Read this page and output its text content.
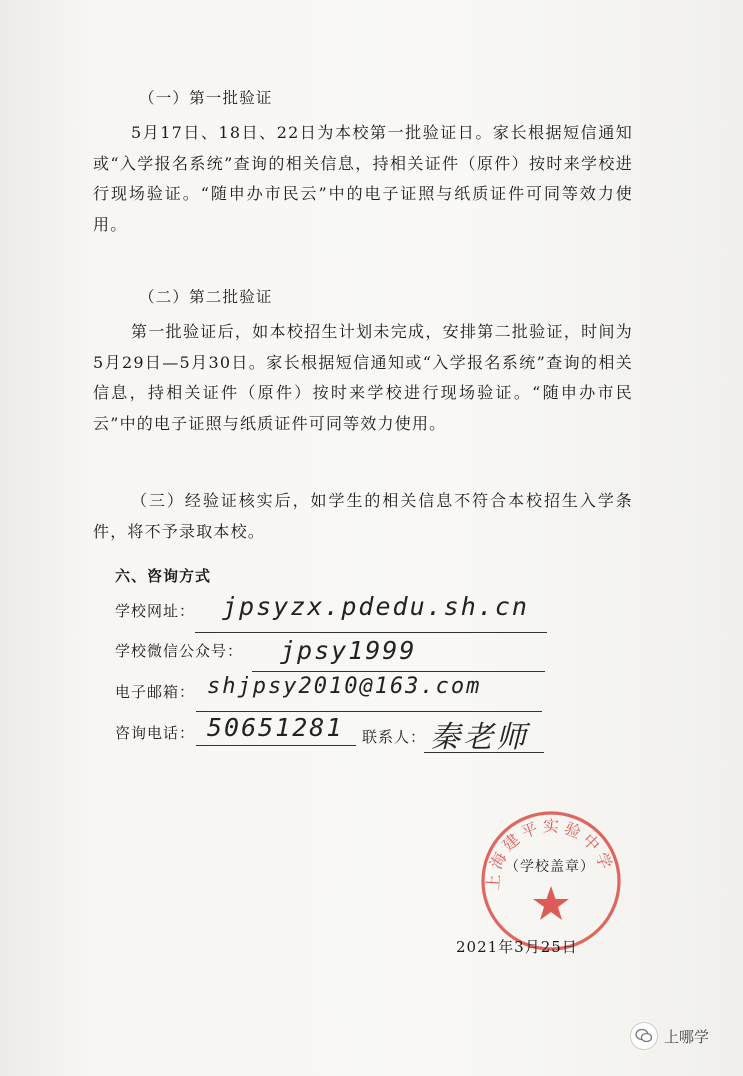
（一）第一批验证
5月17日、18日、22日为本校第一批验证日。家长根据短信通知或“入学报名系统”查询的相关信息，持相关证件（原件）按时来学校进行现场验证。“随申办市民云”中的电子证照与纸质证件可同等效力使用。
（二）第二批验证
第一批验证后，如本校招生计划未完成，安排第二批验证，时间为5月29日—5月30日。家长根据短信通知或“入学报名系统”查询的相关信息，持相关证件（原件）按时来学校进行现场验证。“随申办市民云”中的电子证照与纸质证件可同等效力使用。
（三）经验证核实后，如学生的相关信息不符合本校招生入学条件，将不予录取本校。
六、咨询方式
学校网址： jpsyzx.pdedu.sh.cn
学校微信公众号： jpsy1999
电子邮箱： shjpsy2010@163.com
咨询电话： 50651281 联系人： 秦老师
上海建平实验中学
（学校盖章）
2021年3月25日
上哪学
